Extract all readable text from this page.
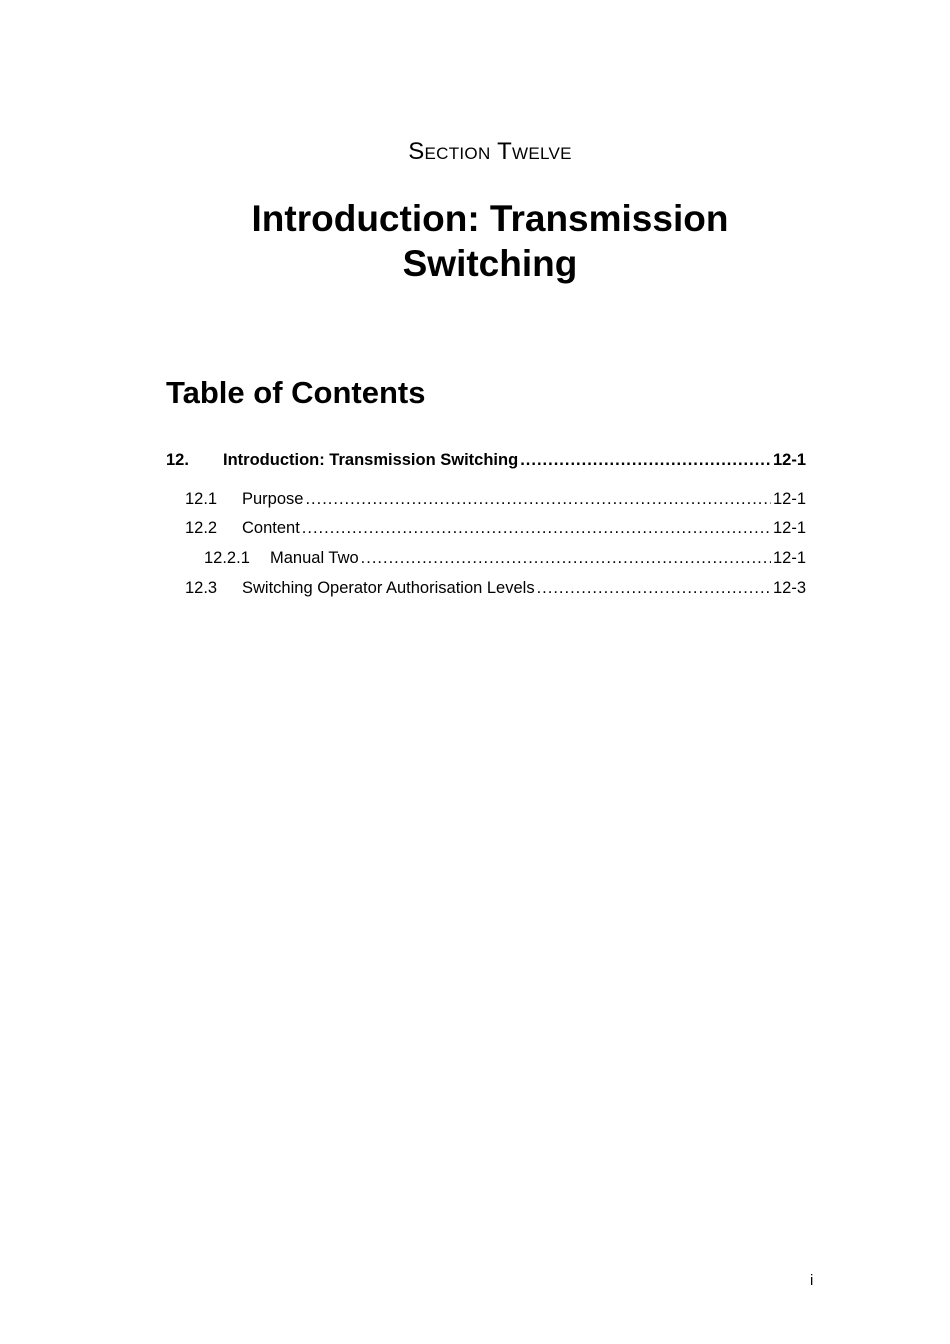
Section Twelve
Introduction: Transmission
Switching
Table of Contents
12.	Introduction: Transmission Switching .....	12-1
12.1	Purpose .....	12-1
12.2	Content .....	12-1
12.2.1	Manual Two .....	12-1
12.3	Switching Operator Authorisation Levels .....	12-3
i
